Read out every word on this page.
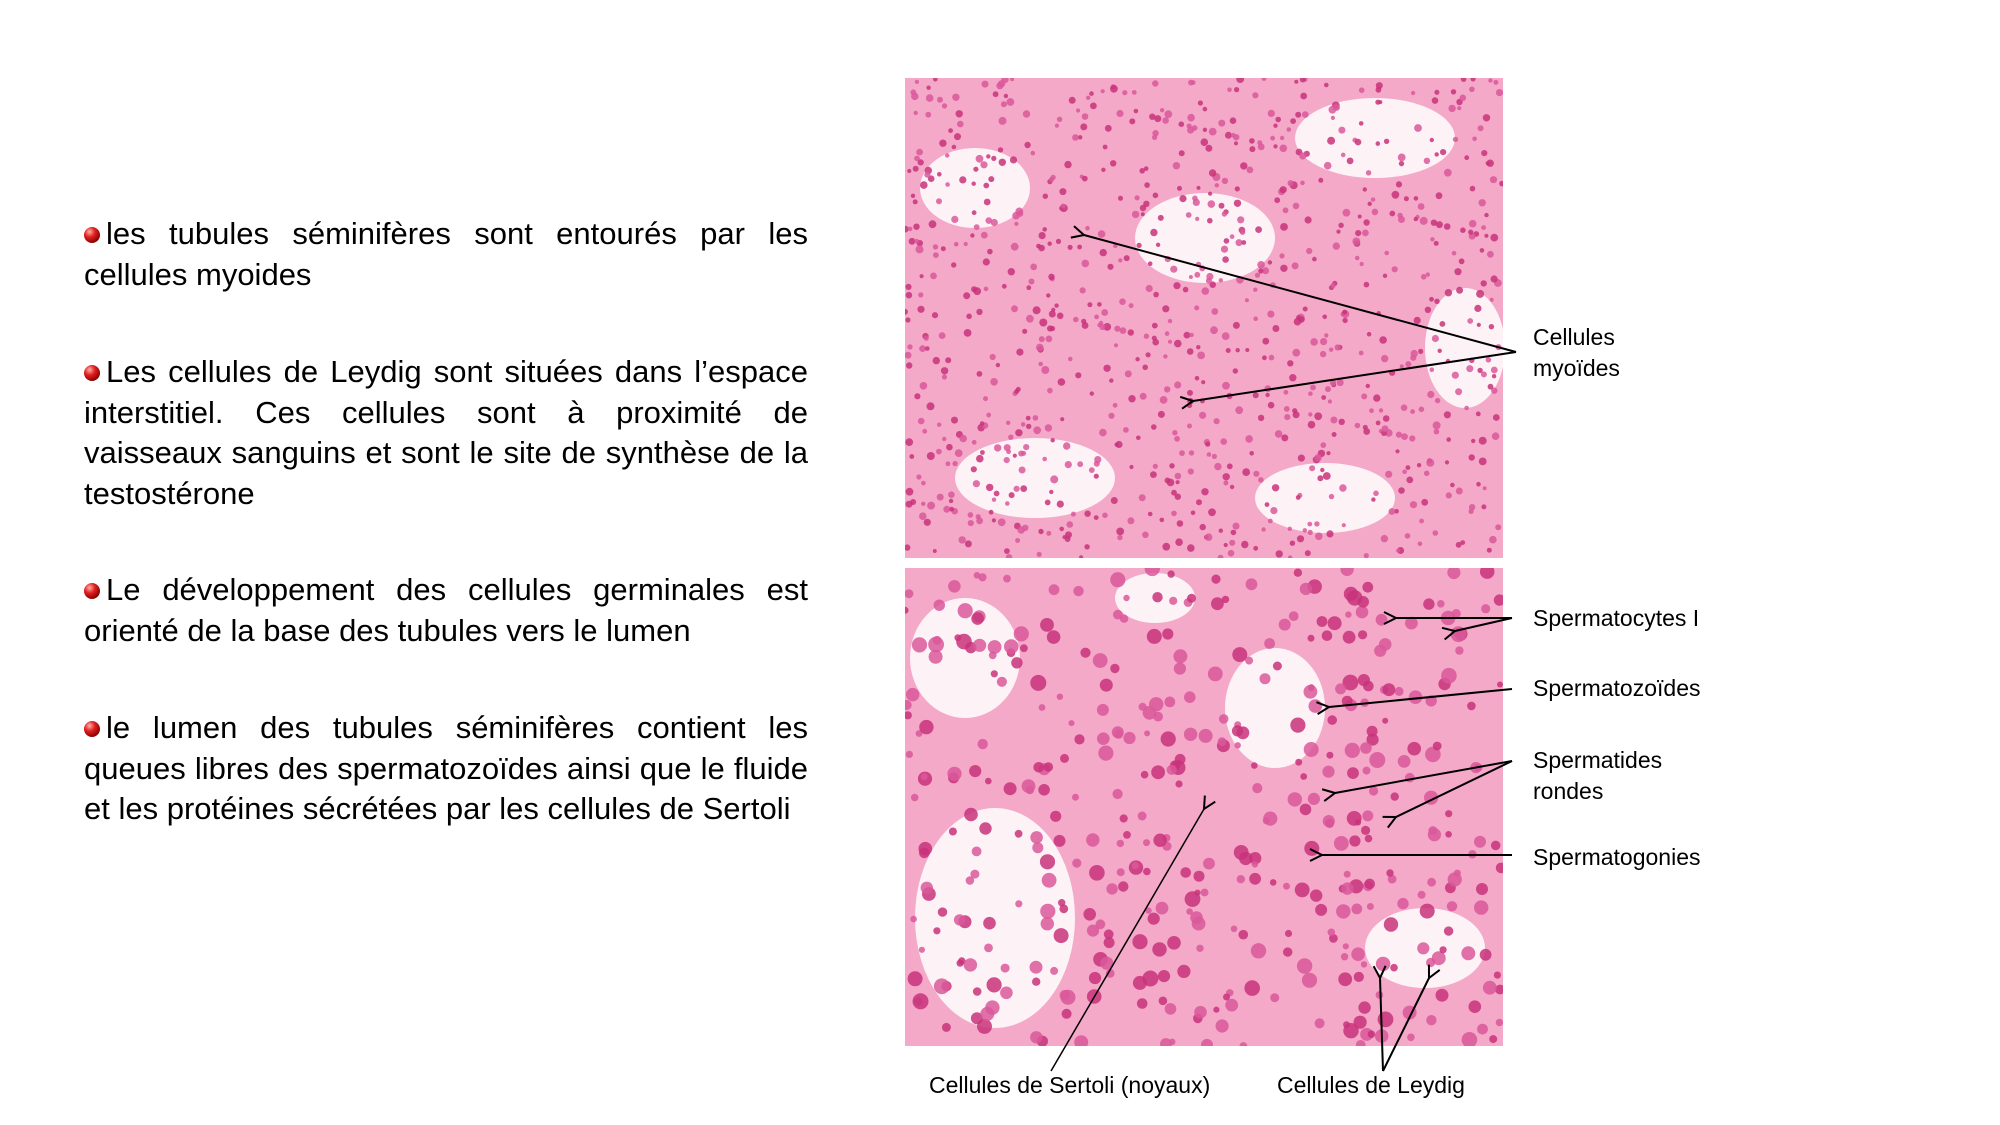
les tubules séminifères sont entourés par les cellules myoides
Les cellules de Leydig sont situées dans l’espace interstitiel. Ces cellules sont à proximité de vaisseaux sanguins et sont le site de synthèse de la testostérone
Le développement des cellules germinales est orienté de la base des tubules vers le lumen
le lumen des tubules séminifères contient les queues libres des spermatozoïdes ainsi que le fluide et les protéines sécrétées par les cellules de Sertoli
Cellules
myoïdes
Spermatocytes I
Spermatozoïdes
Spermatides
rondes
Spermatogonies
Cellules de Sertoli (noyaux)	Cellules de Leydig
